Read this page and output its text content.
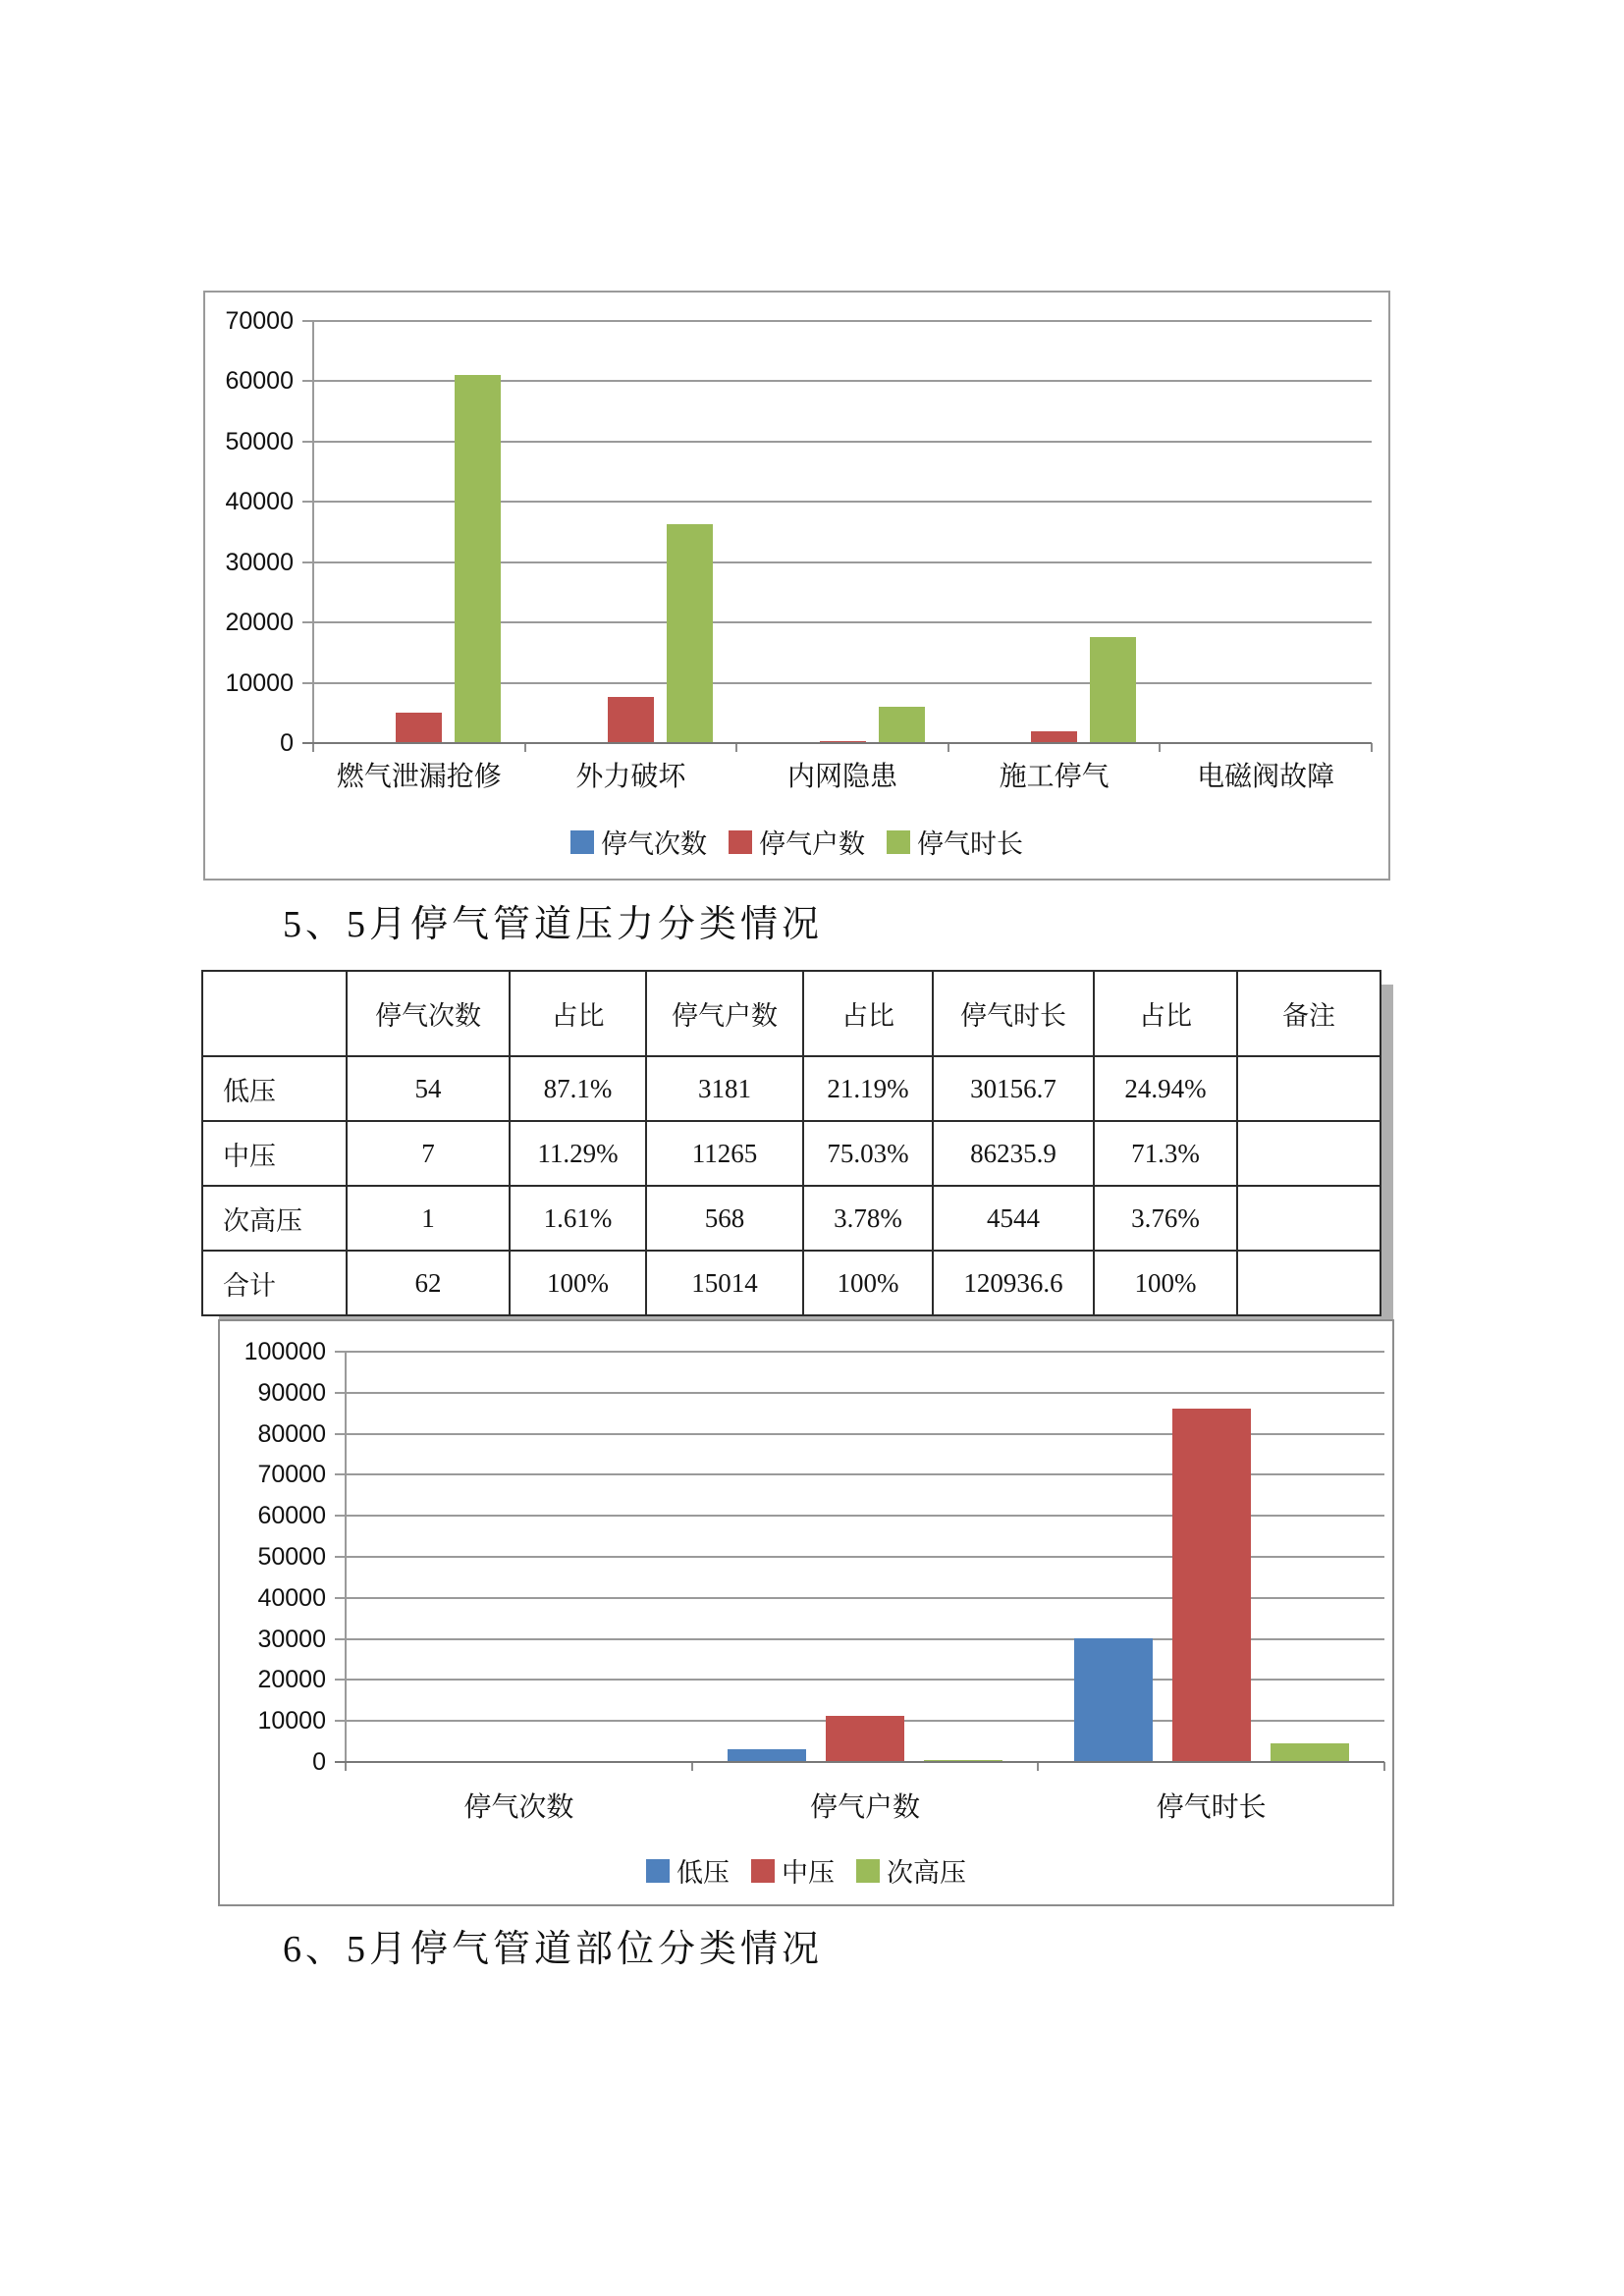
0
10000
20000
30000
40000
50000
60000
70000
燃气泄漏抢修	外力破坏	内网隐患	施工停气	电磁阀故障
停气次数 停气户数 停气时长
5、5月停气管道压力分类情况
	停气次数	占比	停气户数	占比	停气时长	占比	备注
低压	54	87.1%	3181	21.19%	30156.7	24.94%	
中压	7	11.29%	11265	75.03%	86235.9	71.3%	
次高压	1	1.61%	568	3.78%	4544	3.76%	
合计	62	100%	15014	100%	120936.6	100%	
0
10000
20000
30000
40000
50000
60000
70000
80000
90000
100000
停气次数	停气户数	停气时长
低压 中压 次高压
6、5月停气管道部位分类情况
